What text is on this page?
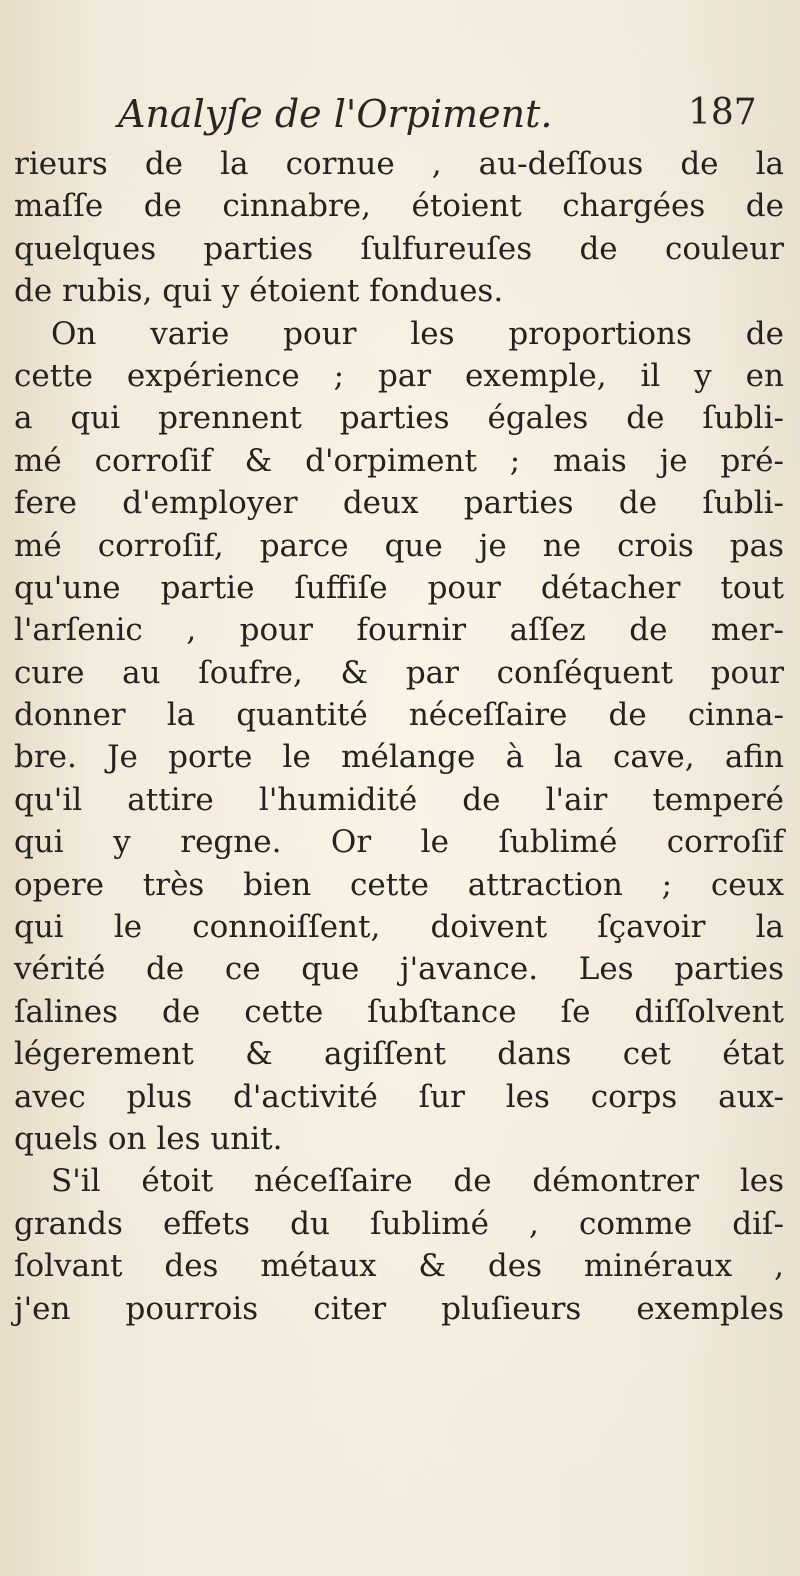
Analyſe de l'Orpiment.	187
rieurs de la cornue , au-deſſous de la
maſſe de cinnabre, étoient chargées de
quelques parties ſulfureuſes de couleur
de rubis, qui y étoient fondues.
On varie pour les proportions de
cette expérience ; par exemple, il y en
a qui prennent parties égales de ſubli-
mé corroſif & d'orpiment ; mais je pré-
fere d'employer deux parties de ſubli-
mé corroſif, parce que je ne crois pas
qu'une partie ſuffiſe pour détacher tout
l'arſenic , pour fournir aſſez de mer-
cure au ſoufre, & par conſéquent pour
donner la quantité néceſſaire de cinna-
bre. Je porte le mélange à la cave, afin
qu'il attire l'humidité de l'air temperé
qui y regne. Or le ſublimé corroſif
opere très bien cette attraction ; ceux
qui le connoiſſent, doivent ſçavoir la
vérité de ce que j'avance. Les parties
ſalines de cette ſubſtance ſe diſſolvent
légerement & agiſſent dans cet état
avec plus d'activité ſur les corps aux-
quels on les unit.
S'il étoit néceſſaire de démontrer les
grands effets du ſublimé , comme diſ-
ſolvant des métaux & des minéraux ,
j'en pourrois citer pluſieurs exemples
